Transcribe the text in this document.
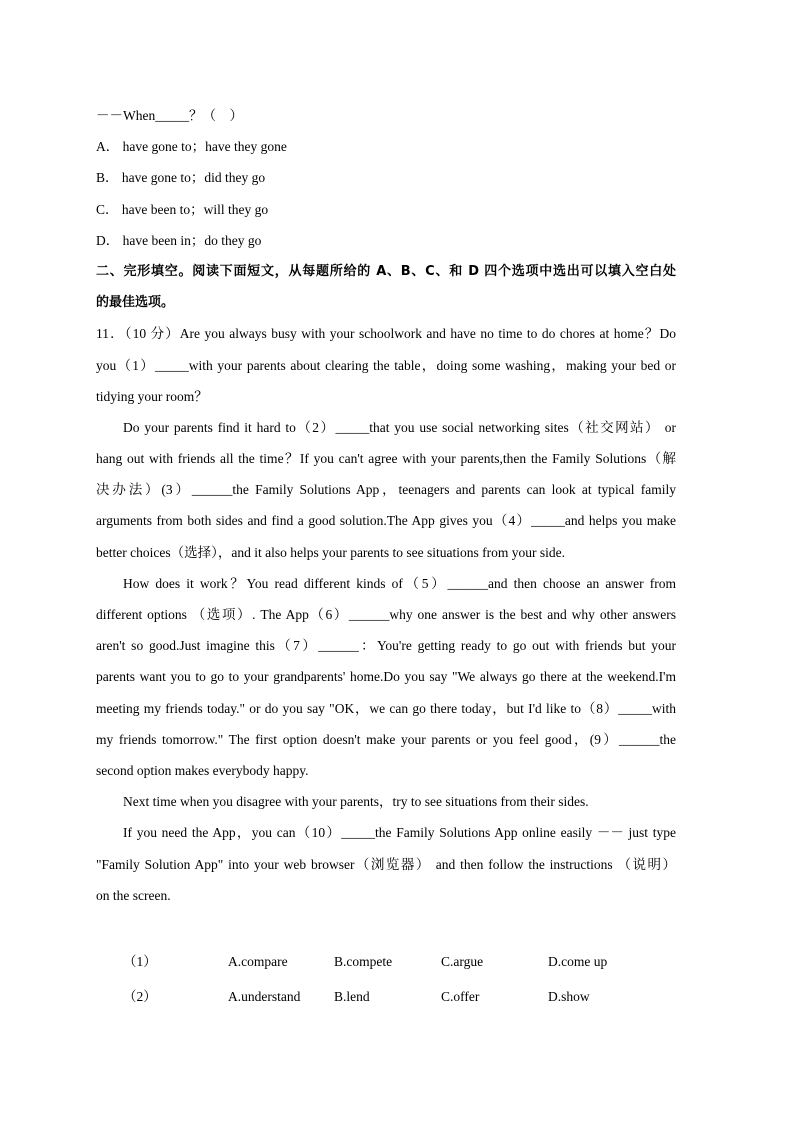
－－When_____？（　）
A． have gone to；have they gone
B． have gone to；did they go
C． have been to；will they go
D． have been in；do they go
二、完形填空。阅读下面短文，从每题所给的 A、B、C、和 D 四个选项中选出可以填入空白处
的最佳选项。
11．（10 分）Are you always busy with your schoolwork and have no time to do chores at home？Do
you（1）_____with your parents about clearing the table，doing some washing，making your bed or
tidying your room？
Do your parents find it hard to（2）_____that you use social networking sites（社交网站） or
hang out with friends all the time？If you can't agree with your parents,then the Family Solutions（解
决办法）(3）______the Family Solutions App，teenagers and parents can look at typical family
arguments from both sides and find a good solution.The App gives you（4）_____and helps you make
better choices（选择），and it also helps your parents to see situations from your side.
How does it work？You read different kinds of（5）______and then choose an answer from
different options （选项）. The App（6）______why one answer is the best and why other answers
aren't so good.Just imagine this（7）______：You're getting ready to go out with friends but your
parents want you to go to your grandparents' home.Do you say "We always go there at the weekend.I'm
meeting my friends today." or do you say "OK，we can go there today，but I'd like to（8）_____with
my friends tomorrow." The first option doesn't make your parents or you feel good，(9）______the
second option makes everybody happy.
Next time when you disagree with your parents，try to see situations from their sides.
If you need the App，you can（10）_____the Family Solutions App online easily －－ just type
"Family Solution App" into your web browser（浏览器） and then follow the instructions （说明）
on the screen.
（1）	A.compare	B.compete	C.argue	D.come up
（2）	A.understand B.lend	C.offer	D.show
